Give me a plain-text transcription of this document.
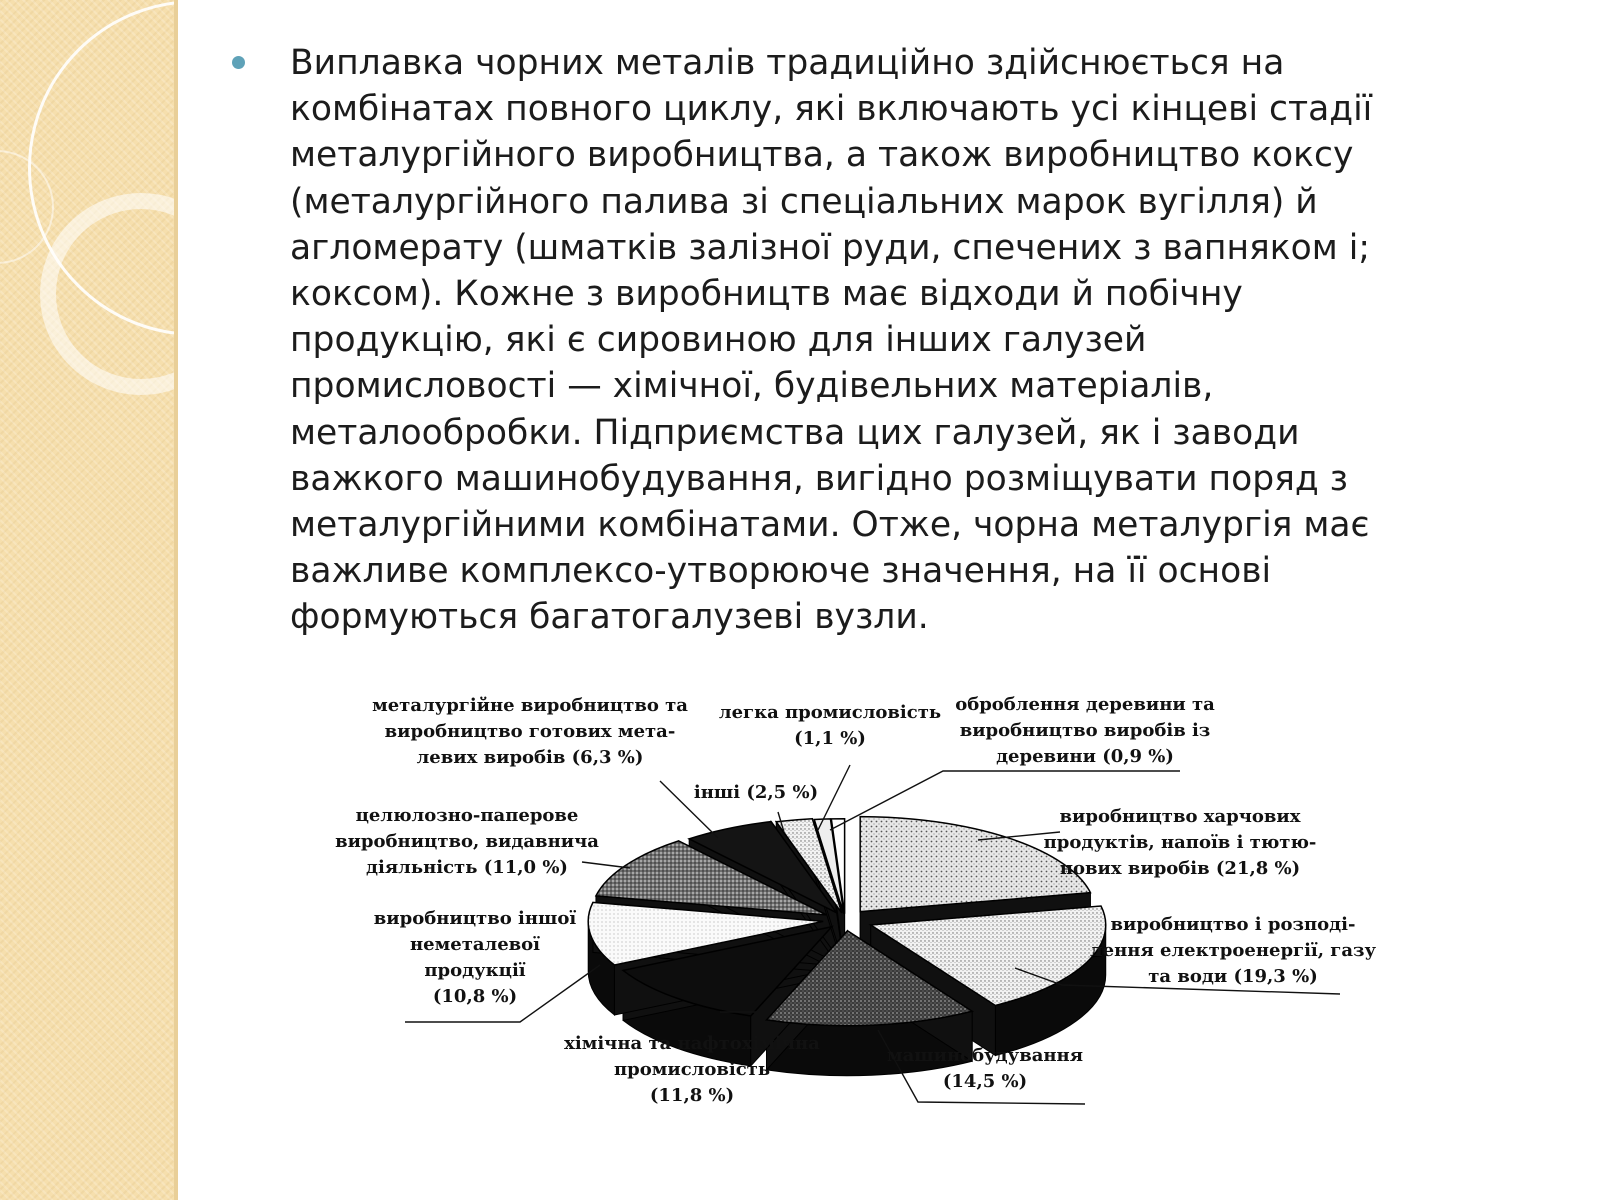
Виплавка чорних металів традиційно здійснюється на
комбінатах повного циклу, які включають усі кінцеві стадії
металургійного виробництва, а також виробництво коксу
(металургійного палива зі спеціальних марок вугілля) й
агломерату (шматків залізної руди, спечених з вапняком і;
коксом). Кожне з виробництв має відходи й побічну
продукцію, які є сировиною для інших галузей
промисловості — хімічної, будівельних матеріалів,
металообробки. Підприємства цих галузей, як і заводи
важкого машинобудування, вигідно розміщувати поряд з
металургійними комбінатами. Отже, чорна металургія має
важливе комплексо-утворююче значення, на її основі
формуються багатогалузеві вузли.

виробництво харчових продуктів, напоїв і тютю-нових виробів (21,8 %)
виробництво і розподі-лення електроенергії, газу та води (19,3 %)
машинобудування (14,5 %)
хімічна та нафтохімічна промисловість (11,8 %)
виробництво іншої неметалевої продукції (10,8 %)
целюлозно-паперове виробництво, видавнича діяльність (11,0 %)
металургійне виробництво та виробництво готових мета-левих виробів (6,3 %)
інші (2,5 %)
легка промисловість (1,1 %)
оброблення деревини та виробництво виробів із деревини (0,9 %)
